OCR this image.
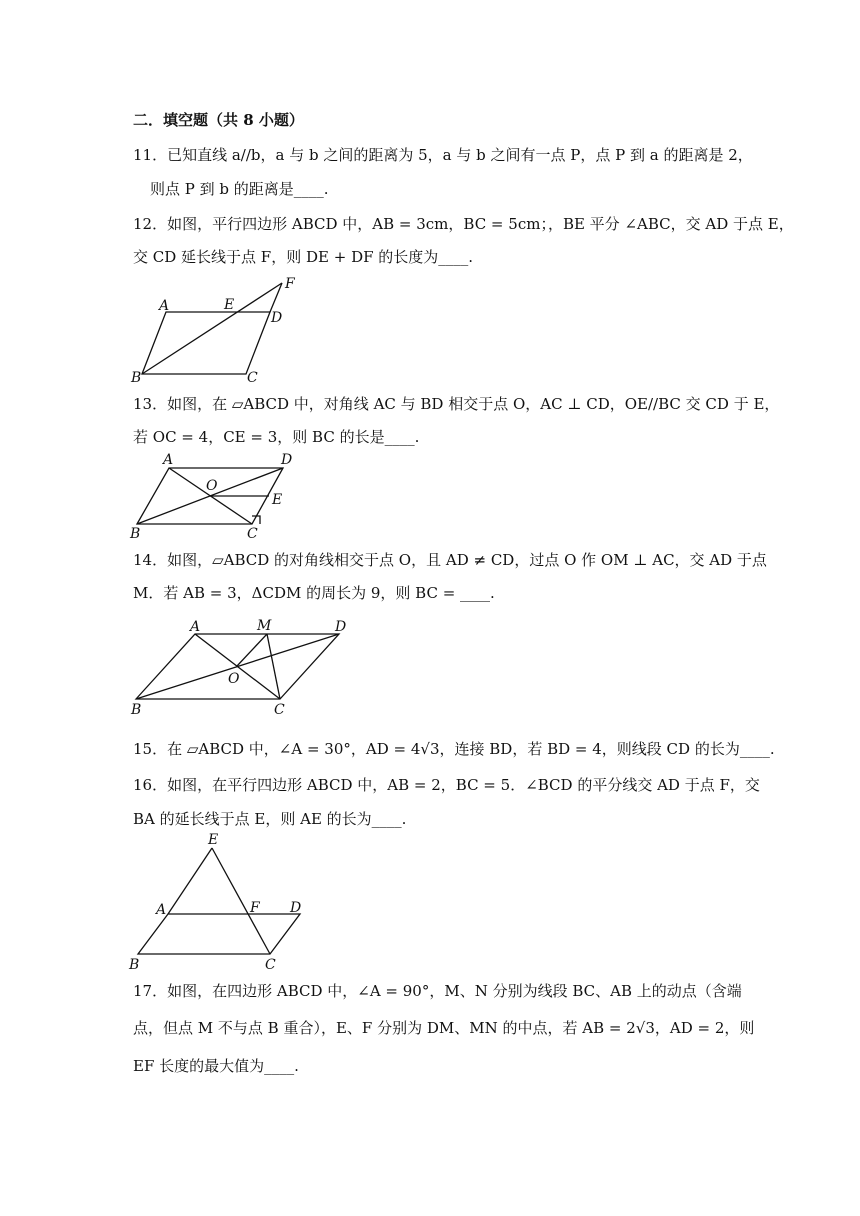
二．填空题（共 8 小题）
11．已知直线 a//b，a 与 b 之间的距离为 5，a 与 b 之间有一点 P，点 P 到 a 的距离是 2，
则点 P 到 b 的距离是____.
12．如图，平行四边形 ABCD 中，AB = 3cm，BC = 5cm；，BE 平分 ∠ABC，交 AD 于点 E，
交 CD 延长线于点 F，则 DE + DF 的长度为____.
A	E
D
F
B	C
13．如图，在 ▱ABCD 中，对角线 AC 与 BD 相交于点 O，AC ⊥ CD，OE//BC 交 CD 于 E，
若 OC = 4，CE = 3，则 BC 的长是____.
A	D
O
E
B	C
14．如图，▱ABCD 的对角线相交于点 O，且 AD ≠ CD，过点 O 作 OM ⊥ AC，交 AD 于点
M．若 AB = 3，ΔCDM 的周长为 9，则 BC = ____.
A	M	D
O
B	C
15．在 ▱ABCD 中，∠A = 30°，AD = 4√3，连接 BD，若 BD = 4，则线段 CD 的长为____.
16．如图，在平行四边形 ABCD 中，AB = 2，BC = 5．∠BCD 的平分线交 AD 于点 F，交
BA 的延长线于点 E，则 AE 的长为____.
E
A	F D
B	C
17．如图，在四边形 ABCD 中，∠A = 90°，M、N 分别为线段 BC、AB 上的动点（含端
点，但点 M 不与点 B 重合），E、F 分别为 DM、MN 的中点，若 AB = 2√3，AD = 2，则
EF 长度的最大值为____.
